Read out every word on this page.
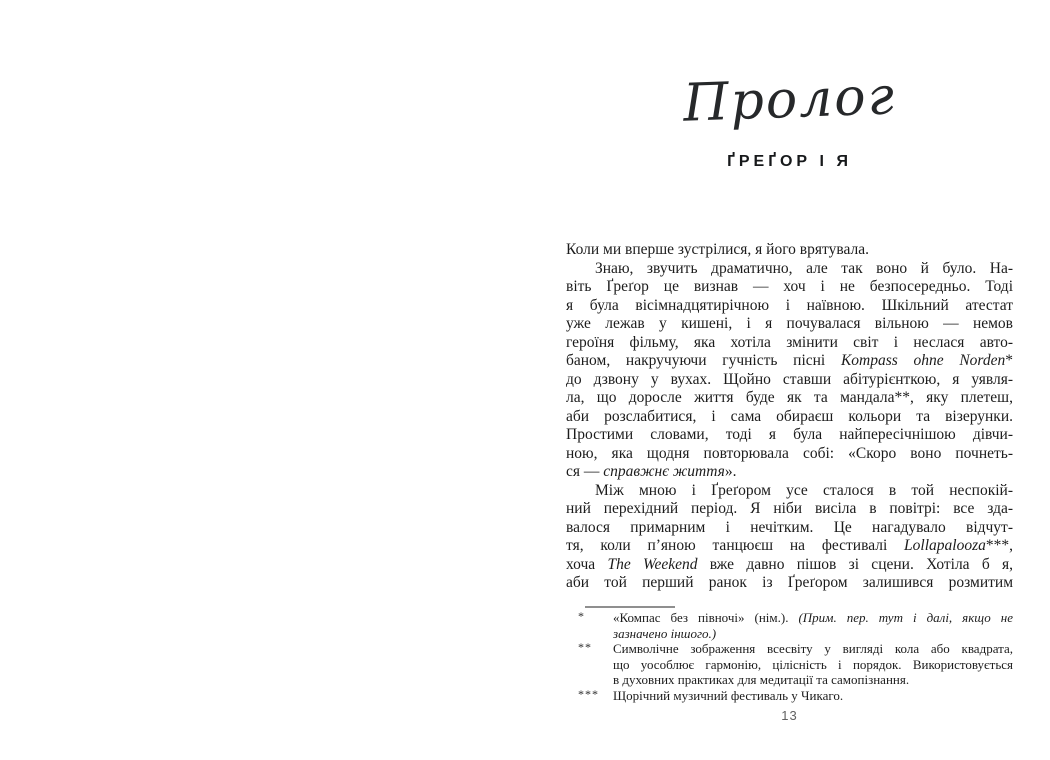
Пролог
ҐРЕҐОР І Я
Коли ми вперше зустрілися, я його врятувала.
Знаю, звучить драматично, але так воно й було. На-
віть Ґреґор це визнав — хоч і не безпосередньо. Тоді
я була вісімнадцятирічною і наївною. Шкільний атестат
уже лежав у кишені, і я почувалася вільною — немов
героїня фільму, яка хотіла змінити світ і неслася авто-
баном, накручуючи гучність пісні Kompass ohne Norden*
до дзвону у вухах. Щойно ставши абітурієнткою, я уявля-
ла, що доросле життя буде як та мандала**, яку плетеш,
аби розслабитися, і сама обираєш кольори та візерунки.
Простими словами, тоді я була найпересічнішою дівчи-
ною, яка щодня повторювала собі: «Скоро воно почнеть-
ся — справжнє життя».
Між мною і Ґреґором усе сталося в той неспокій-
ний перехідний період. Я ніби висіла в повітрі: все зда-
валося примарним і нечітким. Це нагадувало відчут-
тя, коли п’яною танцюєш на фестивалі Lollapalooza***,
хоча The Weekend вже давно пішов зі сцени. Хотіла б я,
аби той перший ранок із Ґреґором залишився розмитим
*	«Компас без півночі» (нім.). (Прим. пер. тут і далі, якщо не
зазначено іншого.)
**	Символічне зображення всесвіту у вигляді кола або квадрата,
що уособлює гармонію, цілісність і порядок. Використовується
в духовних практиках для медитації та самопізнання.
***	Щорічний музичний фестиваль у Чикаго.
13
